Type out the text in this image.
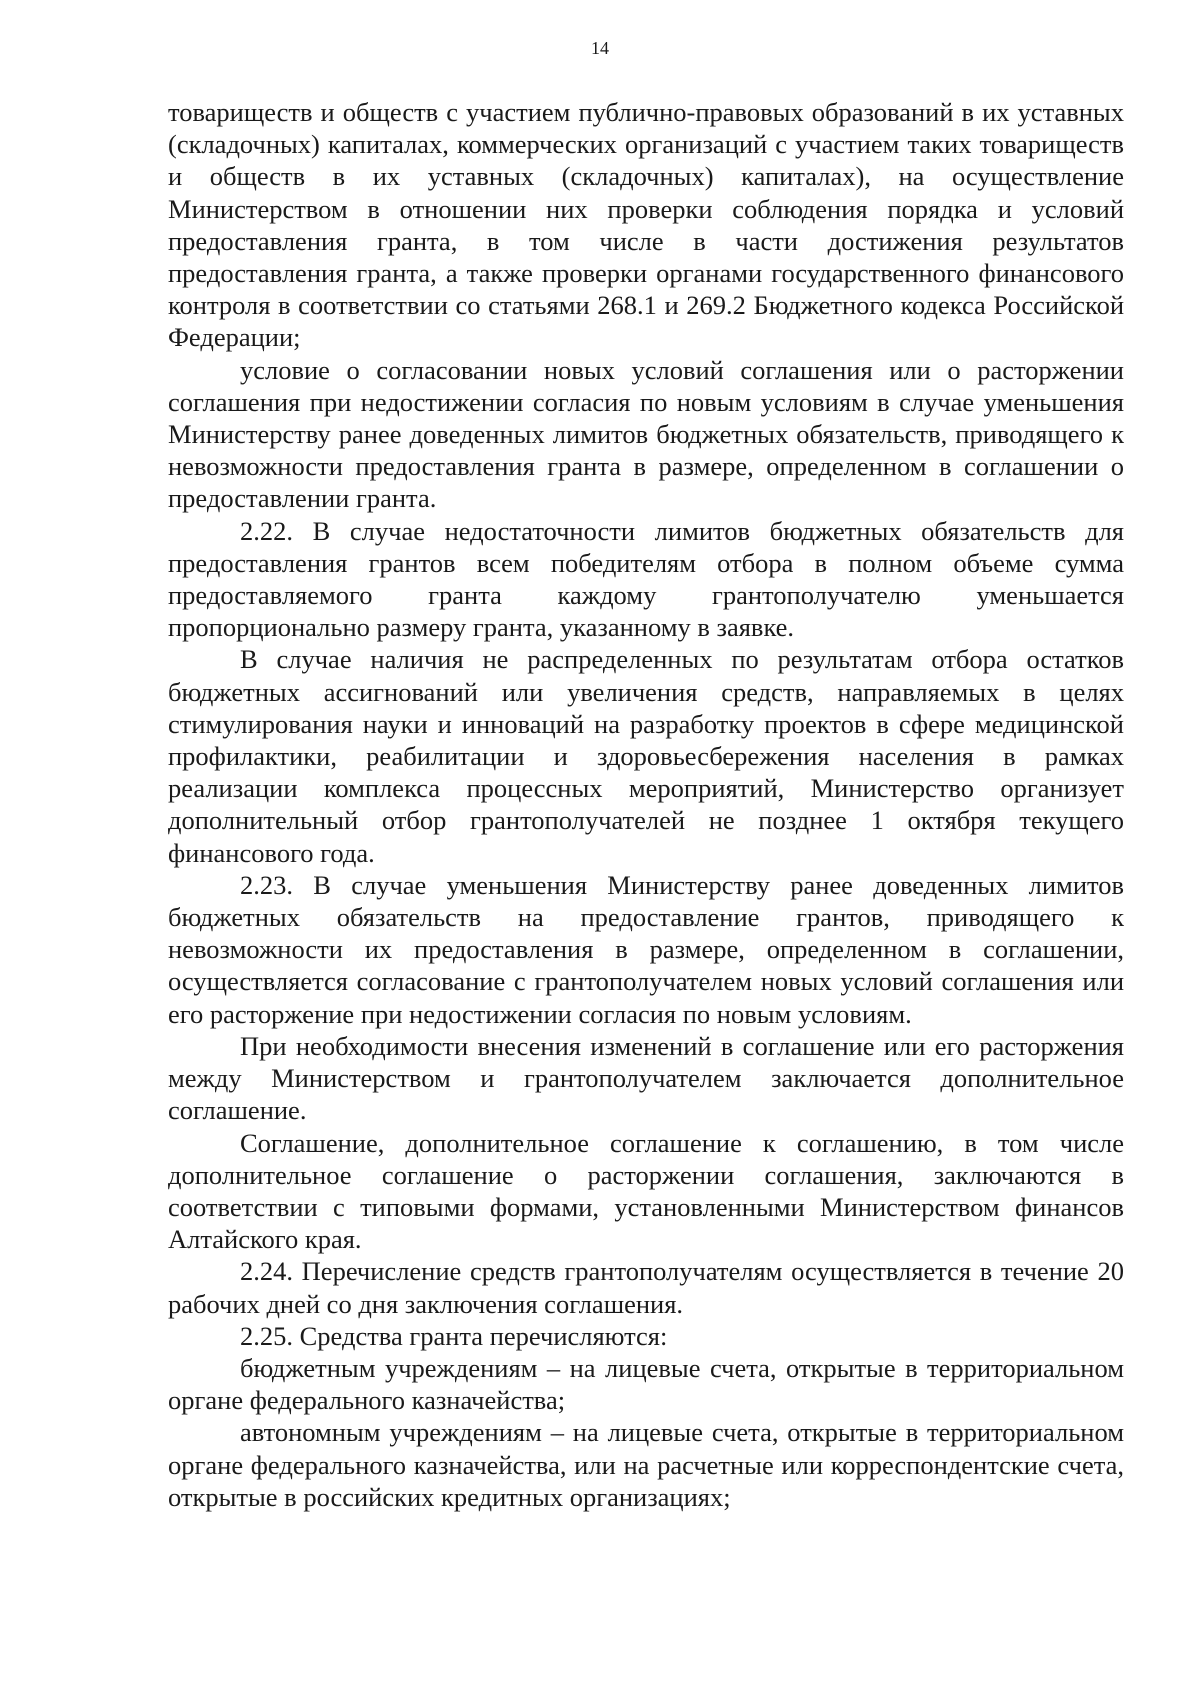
14

товариществ и обществ с участием публично-правовых образований в их уставных (складочных) капиталах, коммерческих организаций с участием таких товариществ и обществ в их уставных (складочных) капиталах), на осуществление Министерством в отношении них проверки соблюдения порядка и условий предоставления гранта, в том числе в части достижения результатов предоставления гранта, а также проверки органами государственного финансового контроля в соответствии со статьями 268.1 и 269.2 Бюджетного кодекса Российской Федерации;

условие о согласовании новых условий соглашения или о расторжении соглашения при недостижении согласия по новым условиям в случае уменьшения Министерству ранее доведенных лимитов бюджетных обязательств, приводящего к невозможности предоставления гранта в размере, определенном в соглашении о предоставлении гранта.

2.22. В случае недостаточности лимитов бюджетных обязательств для предоставления грантов всем победителям отбора в полном объеме сумма предоставляемого гранта каждому грантополучателю уменьшается пропорционально размеру гранта, указанному в заявке.

В случае наличия не распределенных по результатам отбора остатков бюджетных ассигнований или увеличения средств, направляемых в целях стимулирования науки и инноваций на разработку проектов в сфере медицинской профилактики, реабилитации и здоровьесбережения населения в рамках реализации комплекса процессных мероприятий, Министерство организует дополнительный отбор грантополучателей не позднее 1 октября текущего финансового года.

2.23. В случае уменьшения Министерству ранее доведенных лимитов бюджетных обязательств на предоставление грантов, приводящего к невозможности их предоставления в размере, определенном в соглашении, осуществляется согласование с грантополучателем новых условий соглашения или его расторжение при недостижении согласия по новым условиям.

При необходимости внесения изменений в соглашение или его расторжения между Министерством и грантополучателем заключается дополнительное соглашение.

Соглашение, дополнительное соглашение к соглашению, в том числе дополнительное соглашение о расторжении соглашения, заключаются в соответствии с типовыми формами, установленными Министерством финансов Алтайского края.

2.24. Перечисление средств грантополучателям осуществляется в течение 20 рабочих дней со дня заключения соглашения.

2.25. Средства гранта перечисляются:

бюджетным учреждениям – на лицевые счета, открытые в территориальном органе федерального казначейства;

автономным учреждениям – на лицевые счета, открытые в территориальном органе федерального казначейства, или на расчетные или корреспондентские счета, открытые в российских кредитных организациях;
